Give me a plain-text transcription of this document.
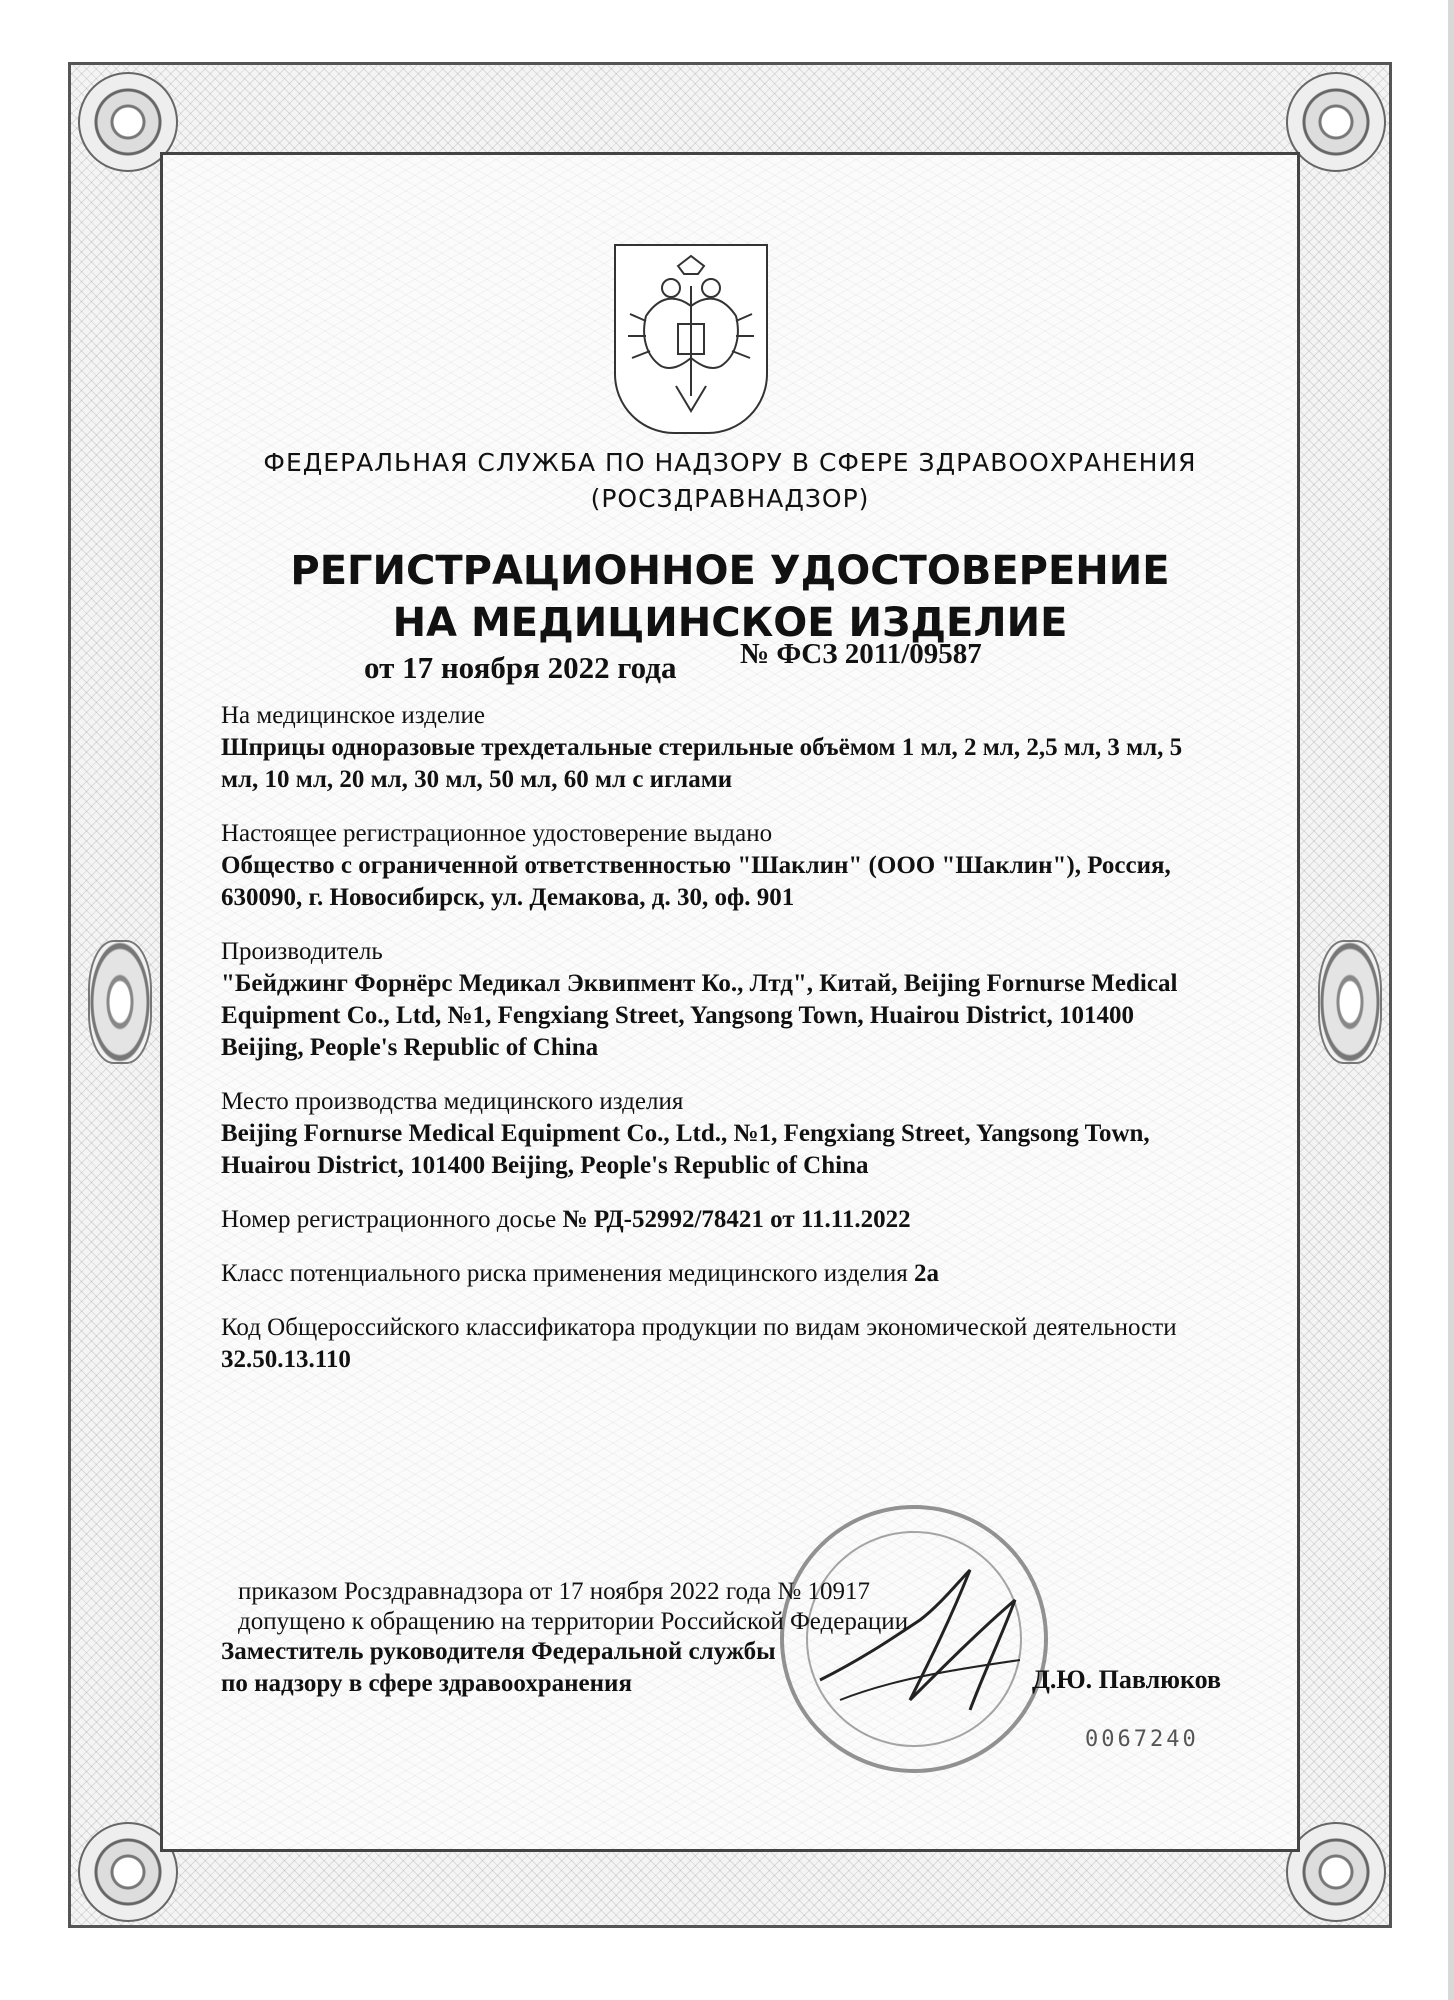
ФЕДЕРАЛЬНАЯ СЛУЖБА ПО НАДЗОРУ В СФЕРЕ ЗДРАВООХРАНЕНИЯ
(РОСЗДРАВНАДЗОР)
РЕГИСТРАЦИОННОЕ УДОСТОВЕРЕНИЕ
НА МЕДИЦИНСКОЕ ИЗДЕЛИЕ
от 17 ноября 2022 года № ФСЗ 2011/09587

На медицинское изделие
Шприцы одноразовые трехдетальные стерильные объёмом 1 мл, 2 мл, 2,5 мл, 3 мл, 5 мл, 10 мл, 20 мл, 30 мл, 50 мл, 60 мл с иглами

Настоящее регистрационное удостоверение выдано
Общество с ограниченной ответственностью "Шаклин" (ООО "Шаклин"), Россия, 630090, г. Новосибирск, ул. Демакова, д. 30, оф. 901

Производитель
"Бейджинг Форнёрс Медикал Эквипмент Ко., Лтд", Китай, Beijing Fornurse Medical Equipment Co., Ltd, №1, Fengxiang Street, Yangsong Town, Huairou District, 101400 Beijing, People's Republic of China

Место производства медицинского изделия
Beijing Fornurse Medical Equipment Co., Ltd., №1, Fengxiang Street, Yangsong Town, Huairou District, 101400 Beijing, People's Republic of China

Номер регистрационного досье № РД-52992/78421 от 11.11.2022

Класс потенциального риска применения медицинского изделия 2а

Код Общероссийского классификатора продукции по видам экономической деятельности 32.50.13.110

приказом Росздравнадзора от 17 ноября 2022 года № 10917
допущено к обращению на территории Российской Федерации
Заместитель руководителя Федеральной службы
по надзору в сфере здравоохранения	Д.Ю. Павлюков
0067240
